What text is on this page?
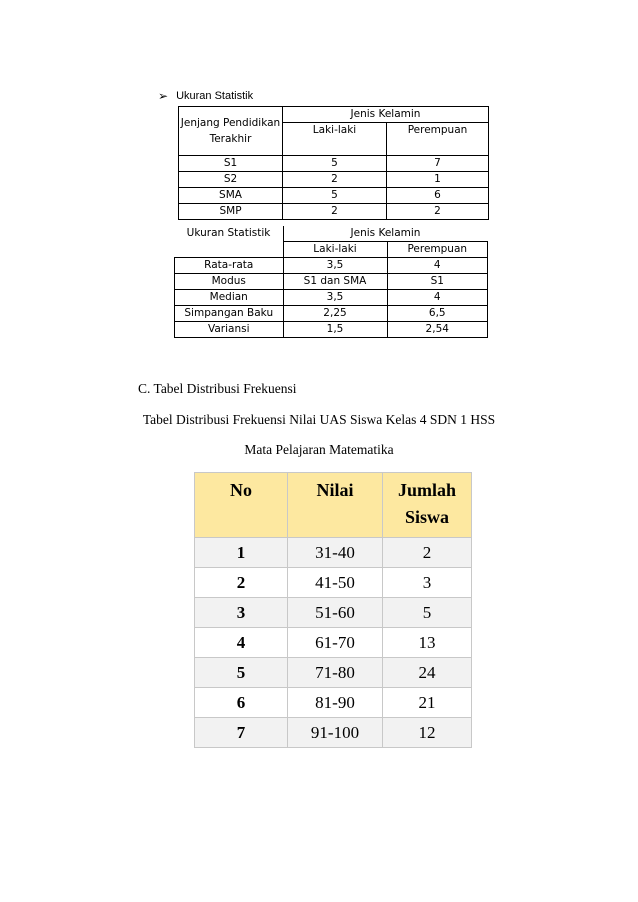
➢ Ukuran Statistik
Jenjang Pendidikan Terakhir	Jenis Kelamin	
	Laki-laki	Perempuan
S1	5	7
S2	2	1
SMA	5	6
SMP	2	2
Ukuran Statistik	Jenis Kelamin	
	Laki-laki	Perempuan
Rata-rata	3,5	4
Modus	S1 dan SMA	S1
Median	3,5	4
Simpangan Baku	2,25	6,5
Variansi	1,5	2,54
C. Tabel Distribusi Frekuensi
Tabel Distribusi Frekuensi Nilai UAS Siswa Kelas 4 SDN 1 HSS
Mata Pelajaran Matematika
No	Nilai	Jumlah Siswa
1	31-40	2
2	41-50	3
3	51-60	5
4	61-70	13
5	71-80	24
6	81-90	21
7	91-100	12
